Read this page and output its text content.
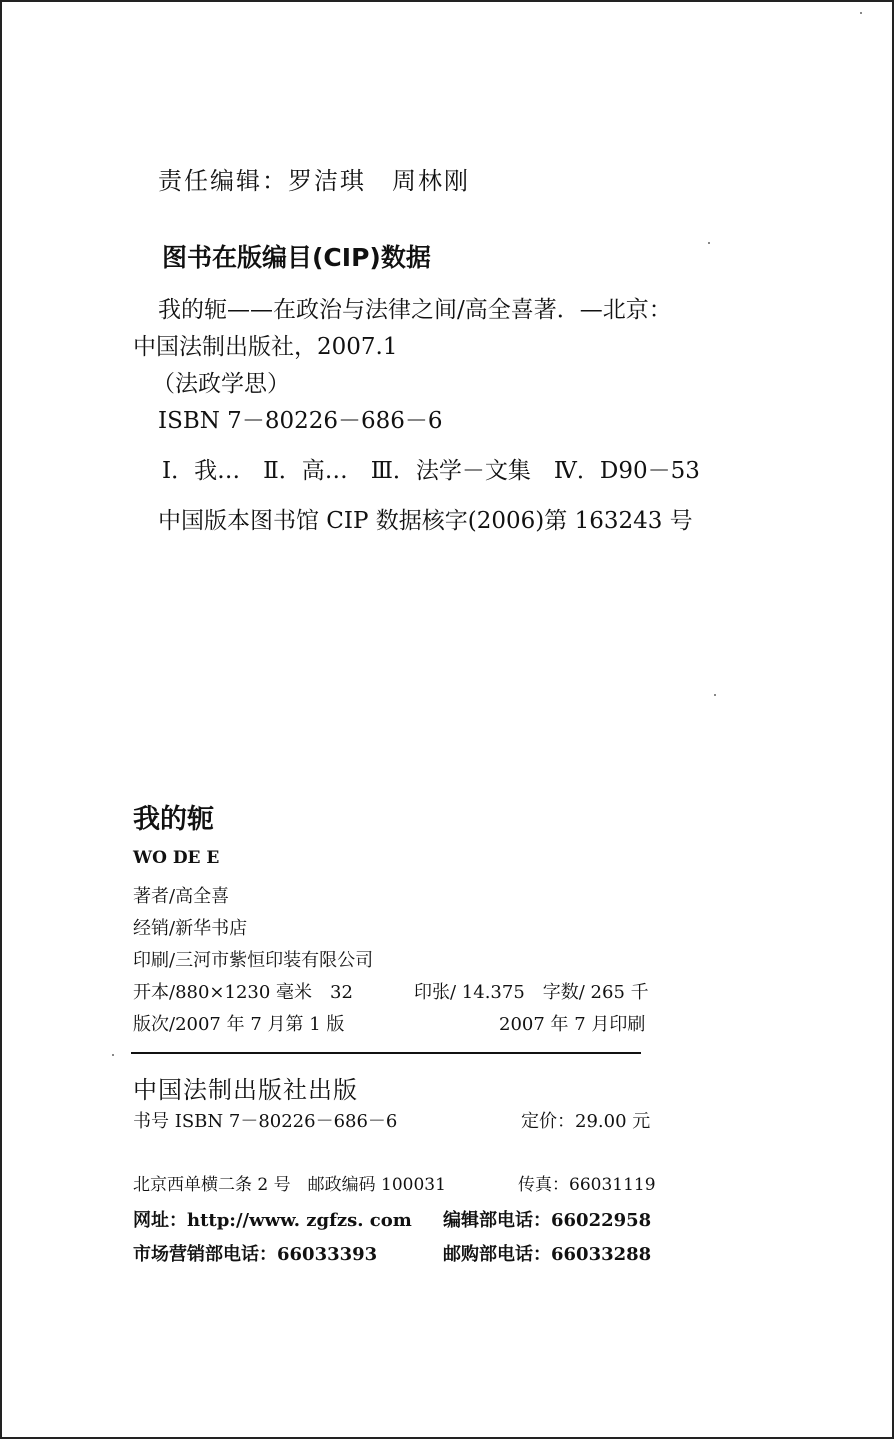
责任编辑：罗洁琪　周林刚
图书在版编目(CIP)数据
我的轭——在政治与法律之间/高全喜著．—北京：
中国法制出版社，2007.1
（法政学思）
ISBN 7－80226－686－6
Ⅰ．我…　Ⅱ．高…　Ⅲ．法学－文集　Ⅳ．D90－53
中国版本图书馆 CIP 数据核字(2006)第 163243 号
我的轭
WO DE E
著者/高全喜
经销/新华书店
印刷/三河市紫恒印装有限公司
开本/880×1230 毫米　32	印张/ 14.375　字数/ 265 千
版次/2007 年 7 月第 1 版	2007 年 7 月印刷
中国法制出版社出版
书号 ISBN 7－80226－686－6	定价：29.00 元
北京西单横二条 2 号　邮政编码 100031	传真：66031119
网址：http://www. zgfzs. com 编辑部电话：66022958
市场营销部电话：66033393	邮购部电话：66033288
